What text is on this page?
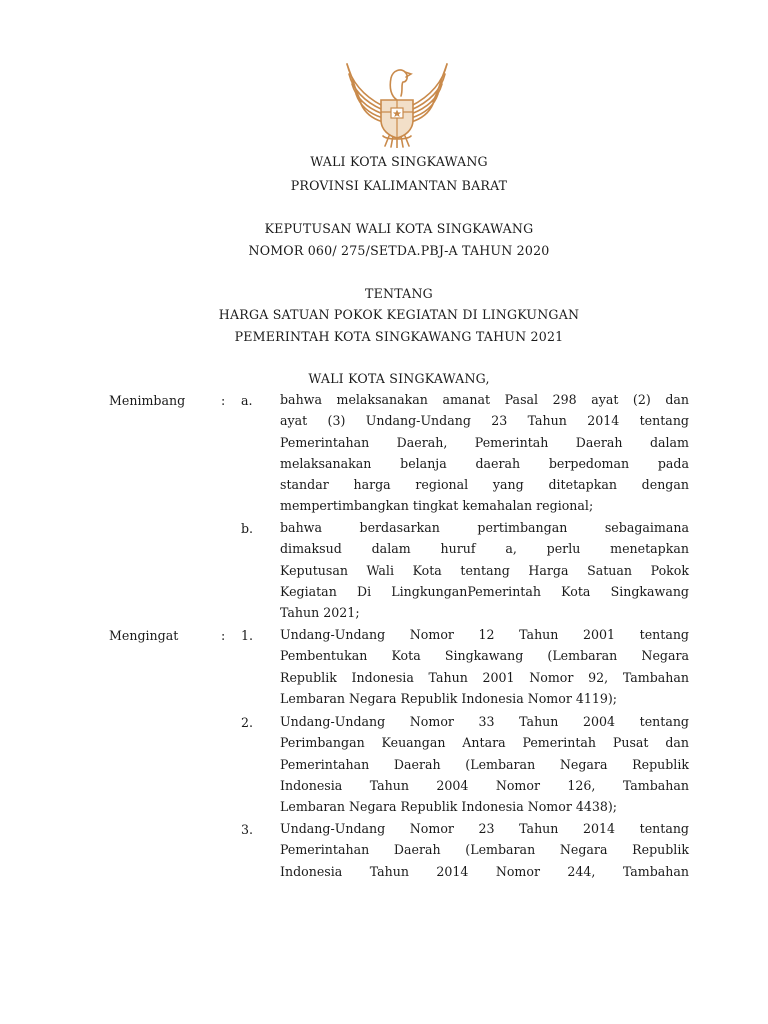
WALI KOTA SINGKAWANG
PROVINSI KALIMANTAN BARAT
KEPUTUSAN WALI KOTA SINGKAWANG
NOMOR 060/ 275/SETDA.PBJ-A TAHUN 2020
TENTANG
HARGA SATUAN POKOK KEGIATAN DI LINGKUNGAN
PEMERINTAH KOTA SINGKAWANG TAHUN 2021
WALI KOTA SINGKAWANG,
Menimbang	: a. bahwa melaksanakan amanat Pasal 298 ayat (2) dan
ayat (3) Undang-Undang 23 Tahun 2014 tentang
Pemerintahan Daerah, Pemerintah Daerah dalam
melaksanakan belanja daerah berpedoman pada
standar harga regional yang ditetapkan dengan
mempertimbangkan tingkat kemahalan regional;
b. bahwa berdasarkan pertimbangan sebagaimana
dimaksud dalam huruf a, perlu menetapkan
Keputusan Wali Kota tentang Harga Satuan Pokok
Kegiatan Di LingkunganPemerintah Kota Singkawang
Tahun 2021;
Mengingat	: 1. Undang-Undang Nomor 12 Tahun 2001 tentang
Pembentukan Kota Singkawang (Lembaran Negara
Republik Indonesia Tahun 2001 Nomor 92, Tambahan
Lembaran Negara Republik Indonesia Nomor 4119);
2. Undang-Undang Nomor 33 Tahun 2004 tentang
Perimbangan Keuangan Antara Pemerintah Pusat dan
Pemerintahan Daerah (Lembaran Negara Republik
Indonesia Tahun 2004 Nomor 126, Tambahan
Lembaran Negara Republik Indonesia Nomor 4438);
3. Undang-Undang Nomor 23 Tahun 2014 tentang
Pemerintahan Daerah (Lembaran Negara Republik
Indonesia Tahun 2014 Nomor 244, Tambahan
